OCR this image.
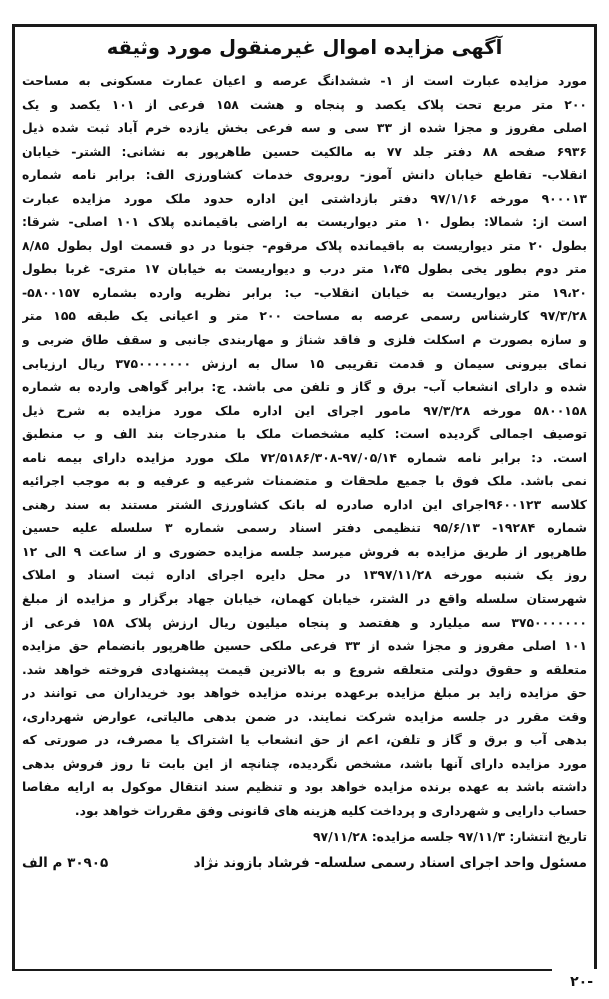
آگهی مزایده اموال غیرمنقول مورد وثیقه
مورد مزایده عبارت است از ۱- ششدانگ عرصه و اعیان عمارت مسکونی به مساحت
۲۰۰ متر مربع تحت پلاک یکصد و پنجاه و هشت ۱۵۸ فرعی از ۱۰۱ یکصد و یک
اصلی مفروز و مجزا شده از ۳۳ سی و سه فرعی بخش یازده خرم آباد ثبت شده ذیل
۶۹۳۶ صفحه ۸۸ دفتر جلد ۷۷ به مالکیت حسین طاهرپور به نشانی: الشتر- خیابان
انقلاب- تقاطع خیابان دانش آموز- روبروی خدمات کشاورزی الف: برابر نامه شماره
۹۰۰۰۱۳ مورخه ۹۷/۱/۱۶ دفتر بازداشتی این اداره حدود ملک مورد مزایده عبارت
است از: شمالا: بطول ۱۰ متر دیواریست به اراضی باقیمانده پلاک ۱۰۱ اصلی- شرقا:
بطول ۲۰ متر دیواریست به باقیمانده پلاک مرقوم- جنوبا در دو قسمت اول بطول ۸/۸۵
متر دوم بطور یخی بطول ۱،۴۵ متر درب و دیواریست به خیابان ۱۷ متری- غربا بطول
۱۹،۲۰ متر دیواریست به خیابان انقلاب- ب: برابر نظریه وارده بشماره ۵۸۰۰۱۵۷-
۹۷/۳/۲۸ کارشناس رسمی عرصه به مساحت ۲۰۰ متر و اعیانی یک طبقه ۱۵۵ متر
و سازه بصورت م اسکلت فلزی و فاقد شناژ و مهاربندی جانبی و سقف طاق ضربی و
نمای بیرونی سیمان و قدمت تقریبی ۱۵ سال به ارزش ۳۷۵۰۰۰۰۰۰۰ ریال ارزیابی
شده و دارای انشعاب آب- برق و گاز و تلفن می باشد. ج: برابر گواهی وارده به شماره
۵۸۰۰۱۵۸ مورخه ۹۷/۳/۲۸ مامور اجرای این اداره ملک مورد مزایده به شرح ذیل
توصیف اجمالی گردیده است: کلیه مشخصات ملک با مندرجات بند الف و ب منطبق
است. د: برابر نامه شماره ۹۷/۰۵/۱۴-۷۲/۵۱۸۶/۳۰۸ ملک مورد مزایده دارای بیمه نامه
نمی باشد. ملک فوق با جمیع ملحقات و متضمنات شرعیه و عرفیه و به موجب اجرائیه
کلاسه ۹۶۰۰۱۲۳اجرای این اداره صادره له بانک کشاورزی الشتر مستند به سند رهنی
شماره ۱۹۲۸۴- ۹۵/۶/۱۳ تنظیمی دفتر اسناد رسمی شماره ۳ سلسله علیه حسین
طاهرپور از طریق مزایده به فروش میرسد جلسه مزایده حضوری و از ساعت ۹ الی ۱۲
روز یک شنبه مورخه ۱۳۹۷/۱۱/۲۸ در محل دایره اجرای اداره ثبت اسناد و املاک
شهرستان سلسله واقع در الشتر، خیابان کهمان، خیابان جهاد برگزار و مزایده از مبلغ
۳۷۵۰۰۰۰۰۰۰ سه میلیارد و هفتصد و پنجاه میلیون ریال ارزش پلاک ۱۵۸ فرعی از
۱۰۱ اصلی مفروز و مجزا شده از ۳۳ فرعی ملکی حسین طاهرپور بانضمام حق مزایده
متعلقه و حقوق دولتی متعلقه شروع و به بالاترین قیمت پیشنهادی فروخته خواهد شد.
حق مزایده زاید بر مبلغ مزایده برعهده برنده مزایده خواهد بود خریداران می توانند در
وقت مقرر در جلسه مزایده شرکت نمایند. در ضمن بدهی مالیاتی، عوارض شهرداری،
بدهی آب و برق و گاز و تلفن، اعم از حق انشعاب یا اشتراک یا مصرف، در صورتی که
مورد مزایده دارای آنها باشد، مشخص نگردیده، چنانچه از این بابت تا روز فروش بدهی
داشته باشد به عهده برنده مزایده خواهد بود و تنظیم سند انتقال موکول به ارایه مفاصا
حساب دارایی و شهرداری و پرداخت کلیه هزینه های قانونی وفق مقررات خواهد بود.
تاریخ انتشار: ۹۷/۱۱/۳ جلسه مزایده: ۹۷/۱۱/۲۸
مسئول واحد اجرای اسناد رسمی سلسله- فرشاد بازوند نژاد
۳۰۹۰۵ م الف
-۲۰
